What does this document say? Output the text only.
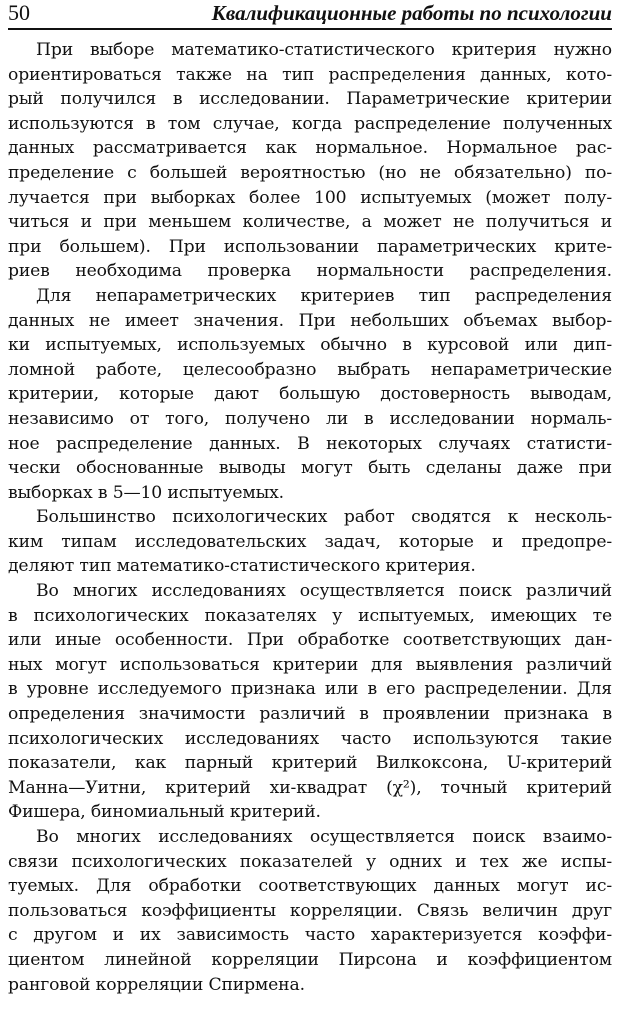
50	Квалификационные работы по психологии
При выборе математико-статистического критерия нужно
ориентироваться также на тип распределения данных, кото-
рый получился в исследовании. Параметрические критерии
используются в том случае, когда распределение полученных
данных рассматривается как нормальное. Нормальное рас-
пределение с большей вероятностью (но не обязательно) по-
лучается при выборках более 100 испытуемых (может полу-
читься и при меньшем количестве, а может не получиться и
при большем). При использовании параметрических крите-
риев необходима проверка нормальности распределения.
Для непараметрических критериев тип распределения
данных не имеет значения. При небольших объемах выбор-
ки испытуемых, используемых обычно в курсовой или дип-
ломной работе, целесообразно выбрать непараметрические
критерии, которые дают большую достоверность выводам,
независимо от того, получено ли в исследовании нормаль-
ное распределение данных. В некоторых случаях статисти-
чески обоснованные выводы могут быть сделаны даже при
выборках в 5—10 испытуемых.
Большинство психологических работ сводятся к несколь-
ким типам исследовательских задач, которые и предопре-
деляют тип математико-статистического критерия.
Во многих исследованиях осуществляется поиск различий
в психологических показателях у испытуемых, имеющих те
или иные особенности. При обработке соответствующих дан-
ных могут использоваться критерии для выявления различий
в уровне исследуемого признака или в его распределении. Для
определения значимости различий в проявлении признака в
психологических исследованиях часто используются такие
показатели, как парный критерий Вилкоксона, U-критерий
Манна—Уитни, критерий хи-квадрат (χ²), точный критерий
Фишера, биномиальный критерий.
Во многих исследованиях осуществляется поиск взаимо-
связи психологических показателей у одних и тех же испы-
туемых. Для обработки соответствующих данных могут ис-
пользоваться коэффициенты корреляции. Связь величин друг
с другом и их зависимость часто характеризуется коэффи-
циентом линейной корреляции Пирсона и коэффициентом
ранговой корреляции Спирмена.
